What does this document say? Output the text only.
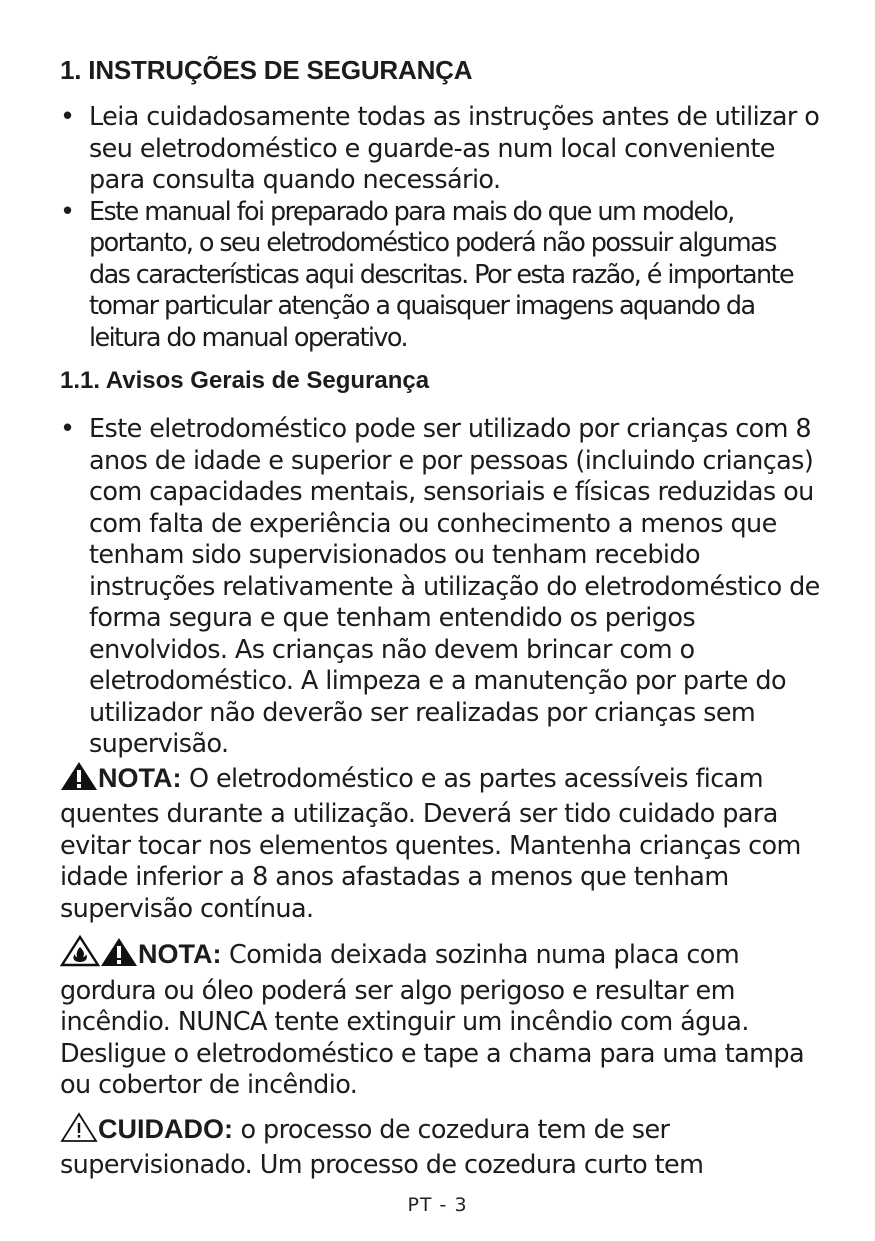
1. INSTRUÇÕES DE SEGURANÇA
• Leia cuidadosamente todas as instruções antes de utilizar o seu eletrodoméstico e guarde-as num local conveniente para consulta quando necessário.
• Este manual foi preparado para mais do que um modelo, portanto, o seu eletrodoméstico poderá não possuir algumas das características aqui descritas. Por esta razão, é importante tomar particular atenção a quaisquer imagens aquando da leitura do manual operativo.
1.1. Avisos Gerais de Segurança
• Este eletrodoméstico pode ser utilizado por crianças com 8 anos de idade e superior e por pessoas (incluindo crianças) com capacidades mentais, sensoriais e físicas reduzidas ou com falta de experiência ou conhecimento a menos que tenham sido supervisionados ou tenham recebido instruções relativamente à utilização do eletrodoméstico de forma segura e que tenham entendido os perigos envolvidos. As crianças não devem brincar com o eletrodoméstico. A limpeza e a manutenção por parte do utilizador não deverão ser realizadas por crianças sem supervisão.

NOTA: O eletrodoméstico e as partes acessíveis ficam quentes durante a utilização. Deverá ser tido cuidado para evitar tocar nos elementos quentes. Mantenha crianças com idade inferior a 8 anos afastadas a menos que tenham supervisão contínua.

NOTA: Comida deixada sozinha numa placa com gordura ou óleo poderá ser algo perigoso e resultar em incêndio. NUNCA tente extinguir um incêndio com água. Desligue o eletrodoméstico e tape a chama para uma tampa ou cobertor de incêndio.

CUIDADO: o processo de cozedura tem de ser supervisionado. Um processo de cozedura curto tem

PT - 3
